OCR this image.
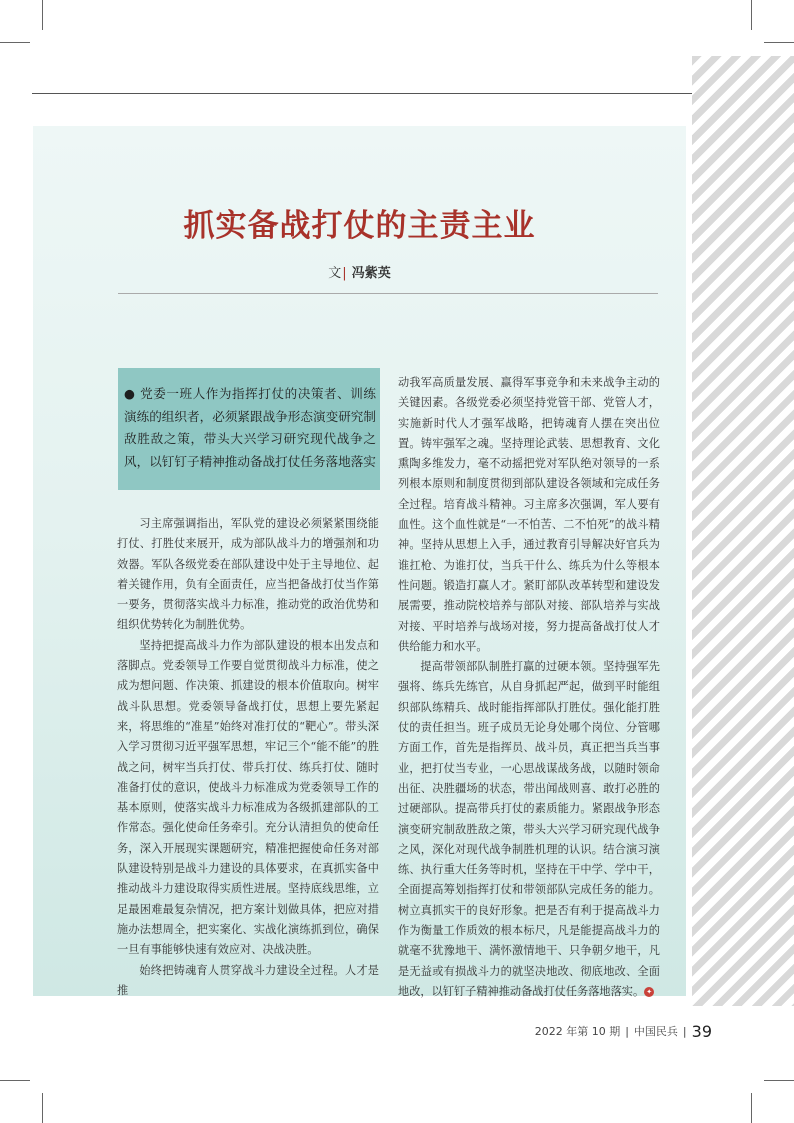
抓实备战打仗的主责主业
文| 冯紫英

● 党委一班人作为指挥打仗的决策者、训练演练的组织者，必须紧跟战争形态演变研究制敌胜敌之策，带头大兴学习研究现代战争之风，以钉钉子精神推动备战打仗任务落地落实

习主席强调指出，军队党的建设必须紧紧围绕能打仗、打胜仗来展开，成为部队战斗力的增强剂和功效器。军队各级党委在部队建设中处于主导地位、起着关键作用，负有全面责任，应当把备战打仗当作第一要务，贯彻落实战斗力标准，推动党的政治优势和组织优势转化为制胜优势。

坚持把提高战斗力作为部队建设的根本出发点和落脚点。党委领导工作要自觉贯彻战斗力标准，使之成为想问题、作决策、抓建设的根本价值取向。树牢战斗队思想。党委领导备战打仗，思想上要先紧起来，将思维的“准星”始终对准打仗的“靶心”。带头深入学习贯彻习近平强军思想，牢记三个“能不能”的胜战之问，树牢当兵打仗、带兵打仗、练兵打仗、随时准备打仗的意识，使战斗力标准成为党委领导工作的基本原则，使落实战斗力标准成为各级抓建部队的工作常态。强化使命任务牵引。充分认清担负的使命任务，深入开展现实课题研究，精准把握使命任务对部队建设特别是战斗力建设的具体要求，在真抓实备中推动战斗力建设取得实质性进展。坚持底线思维，立足最困难最复杂情况，把方案计划做具体，把应对措施办法想周全，把实案化、实战化演练抓到位，确保一旦有事能够快速有效应对、决战决胜。

始终把铸魂育人贯穿战斗力建设全过程。人才是推

动我军高质量发展、赢得军事竞争和未来战争主动的关键因素。各级党委必须坚持党管干部、党管人才，实施新时代人才强军战略，把铸魂育人摆在突出位置。铸牢强军之魂。坚持理论武装、思想教育、文化熏陶多维发力，毫不动摇把党对军队绝对领导的一系列根本原则和制度贯彻到部队建设各领域和完成任务全过程。培育战斗精神。习主席多次强调，军人要有血性。这个血性就是“一不怕苦、二不怕死”的战斗精神。坚持从思想上入手，通过教育引导解决好官兵为谁扛枪、为谁打仗，当兵干什么、练兵为什么等根本性问题。锻造打赢人才。紧盯部队改革转型和建设发展需要，推动院校培养与部队对接、部队培养与实战对接、平时培养与战场对接，努力提高备战打仗人才供给能力和水平。

提高带领部队制胜打赢的过硬本领。坚持强军先强将、练兵先练官，从自身抓起严起，做到平时能组织部队练精兵、战时能指挥部队打胜仗。强化能打胜仗的责任担当。班子成员无论身处哪个岗位、分管哪方面工作，首先是指挥员、战斗员，真正把当兵当事业，把打仗当专业，一心思战谋战务战，以随时领命出征、决胜疆场的状态，带出闻战则喜、敢打必胜的过硬部队。提高带兵打仗的素质能力。紧跟战争形态演变研究制敌胜敌之策，带头大兴学习研究现代战争之风，深化对现代战争制胜机理的认识。结合演习演练、执行重大任务等时机，坚持在干中学、学中干，全面提高筹划指挥打仗和带领部队完成任务的能力。树立真抓实干的良好形象。把是否有利于提高战斗力作为衡量工作质效的根本标尺，凡是能提高战斗力的就毫不犹豫地干、满怀激情地干、只争朝夕地干，凡是无益或有损战斗力的就坚决地改、彻底地改、全面地改，以钉钉子精神推动备战打仗任务落地落实。 ✦

2022 年第 10 期 | 中国民兵 | 39
